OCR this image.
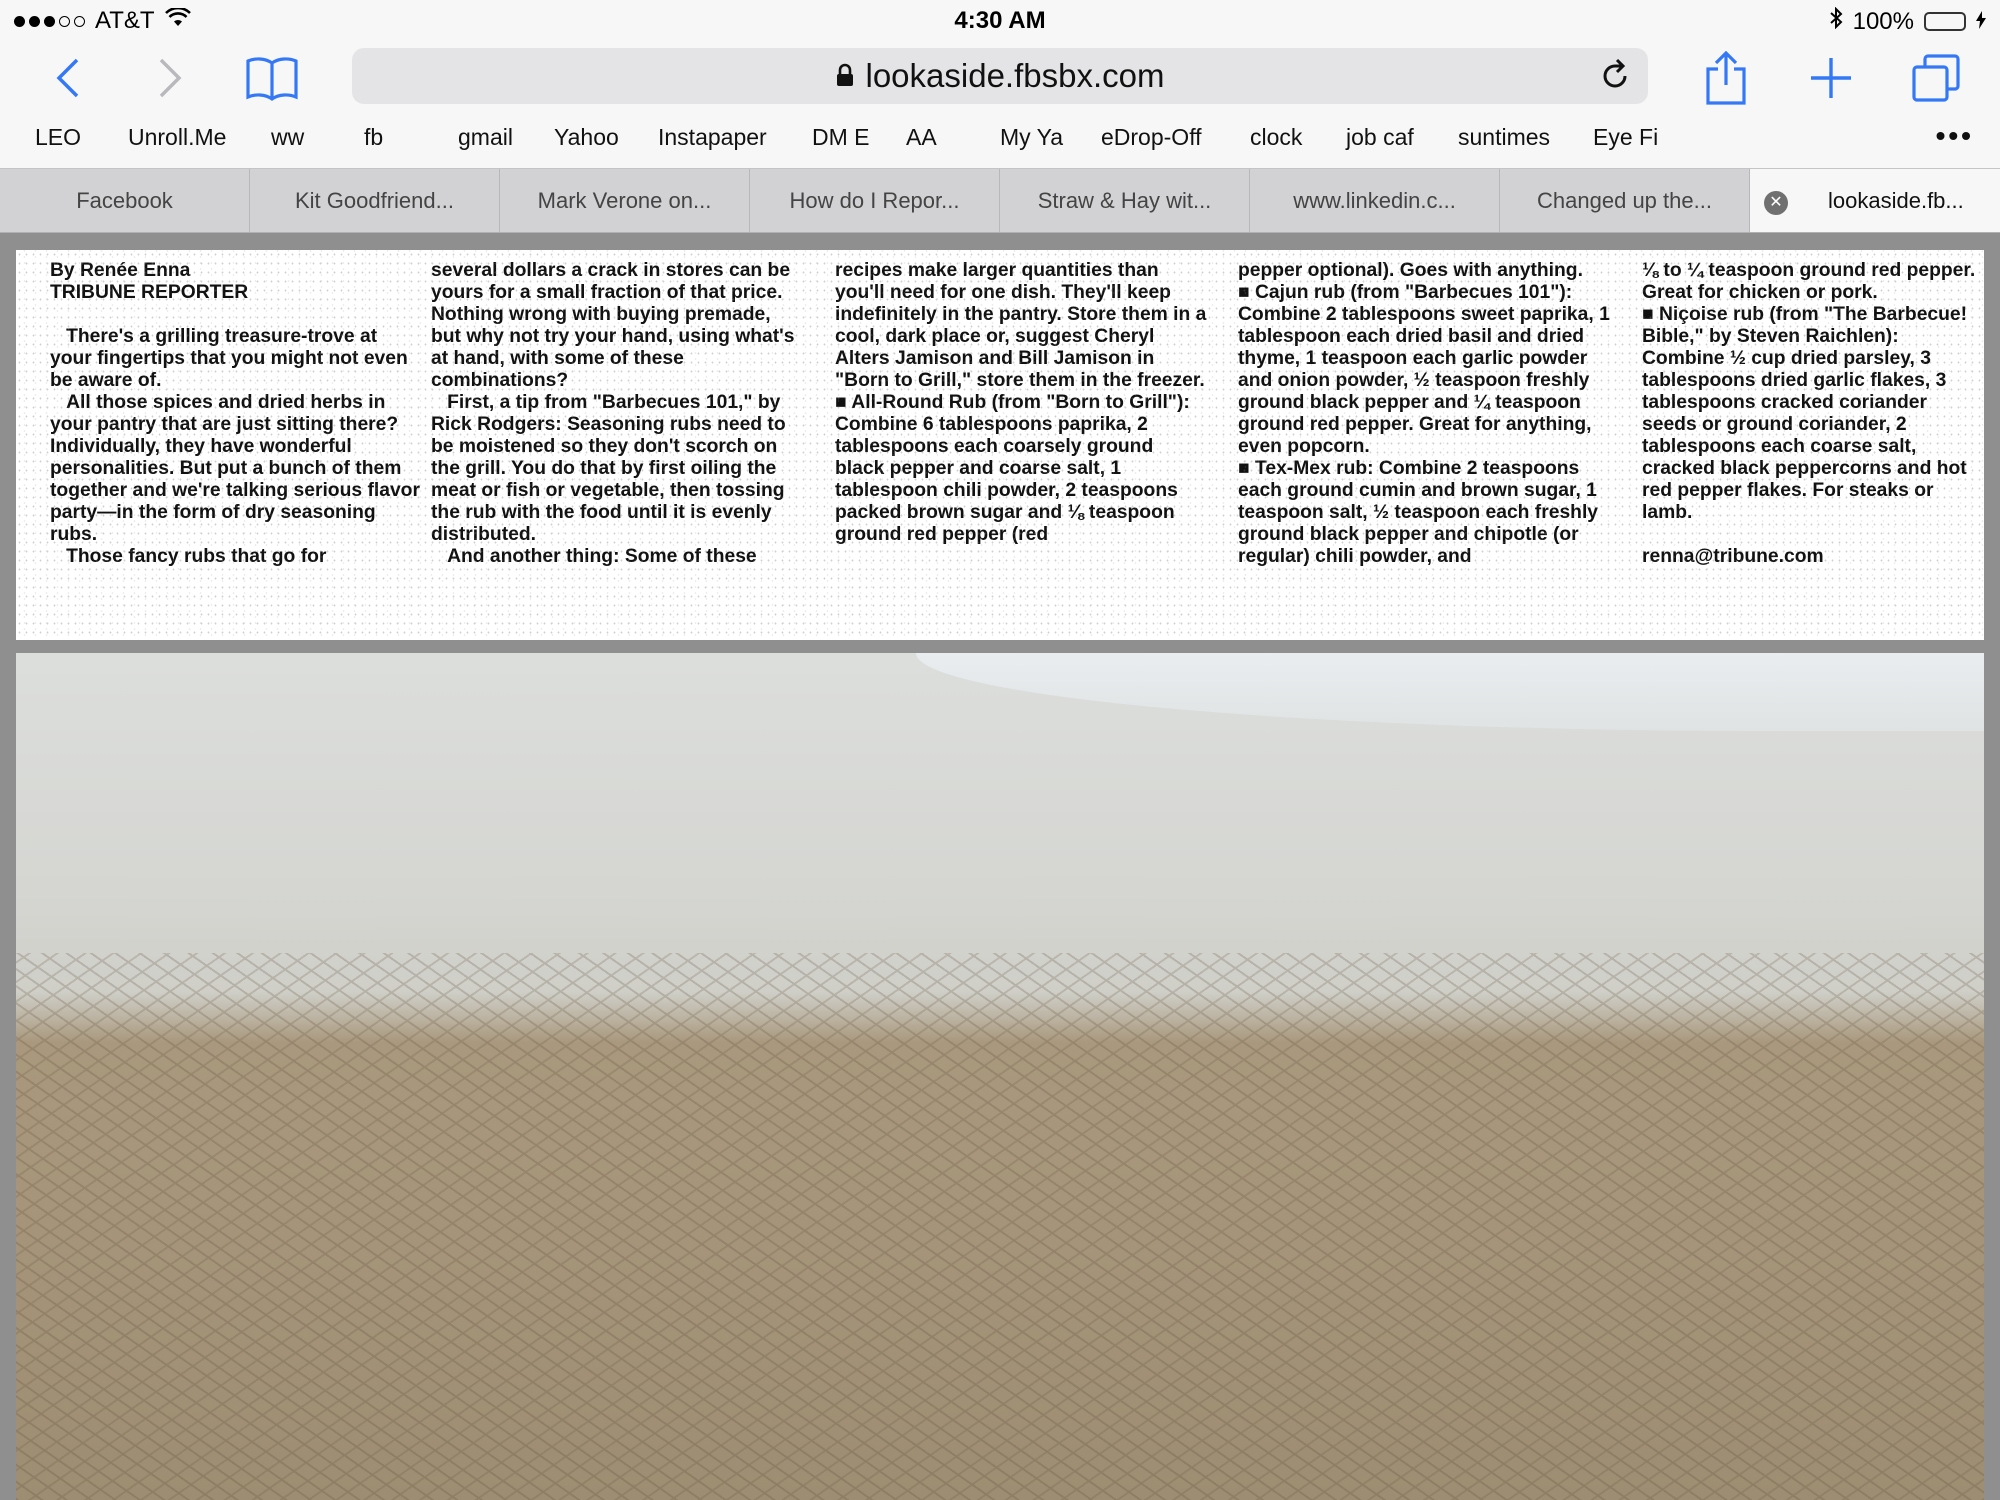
AT&T	4:30 AM	100%
lookaside.fbsbx.com
LEO Unroll.Me ww	fb	gmail Yahoo Instapaper DM E AA	My Ya eDrop-Off clock job caf suntimes Eye Fi	•••
Facebook	Kit Goodfriend...	Mark Verone on...	How do I Repor...	Straw & Hay wit...	www.linkedin.c...	Changed up the...	✕ lookaside.fb...

By Renée Enna
TRIBUNE REPORTER

There's a grilling treasure-trove at your fingertips that you might not even be aware of.
All those spices and dried herbs in your pantry that are just sitting there? Individually, they have wonderful personalities. But put a bunch of them together and we're talking serious flavor party—in the form of dry seasoning rubs.
Those fancy rubs that go for

several dollars a crack in stores can be yours for a small fraction of that price. Nothing wrong with buying premade, but why not try your hand, using what's at hand, with some of these combinations?
First, a tip from "Barbecues 101," by Rick Rodgers: Seasoning rubs need to be moistened so they don't scorch on the grill. You do that by first oiling the meat or fish or vegetable, then tossing the rub with the food until it is evenly distributed.
And another thing: Some of these

recipes make larger quantities than you'll need for one dish. They'll keep indefinitely in the pantry. Store them in a cool, dark place or, suggest Cheryl Alters Jamison and Bill Jamison in "Born to Grill," store them in the freezer.
■ All-Round Rub (from "Born to Grill"): Combine 6 tablespoons paprika, 2 tablespoons each coarsely ground black pepper and coarse salt, 1 tablespoon chili powder, 2 teaspoons packed brown sugar and ⅛ teaspoon ground red pepper (red

pepper optional). Goes with anything.
■ Cajun rub (from "Barbecues 101"): Combine 2 tablespoons sweet paprika, 1 tablespoon each dried basil and dried thyme, 1 teaspoon each garlic powder and onion powder, ½ teaspoon freshly ground black pepper and ¼ teaspoon ground red pepper. Great for anything, even popcorn.
■ Tex-Mex rub: Combine 2 teaspoons each ground cumin and brown sugar, 1 teaspoon salt, ½ teaspoon each freshly ground black pepper and chipotle (or regular) chili powder, and

⅛ to ¼ teaspoon ground red pepper. Great for chicken or pork.
■ Niçoise rub (from "The Barbecue! Bible," by Steven Raichlen): Combine ½ cup dried parsley, 3 tablespoons dried garlic flakes, 3 tablespoons cracked coriander seeds or ground coriander, 2 tablespoons each coarse salt, cracked black peppercorns and hot red pepper flakes. For steaks or lamb.

renna@tribune.com
